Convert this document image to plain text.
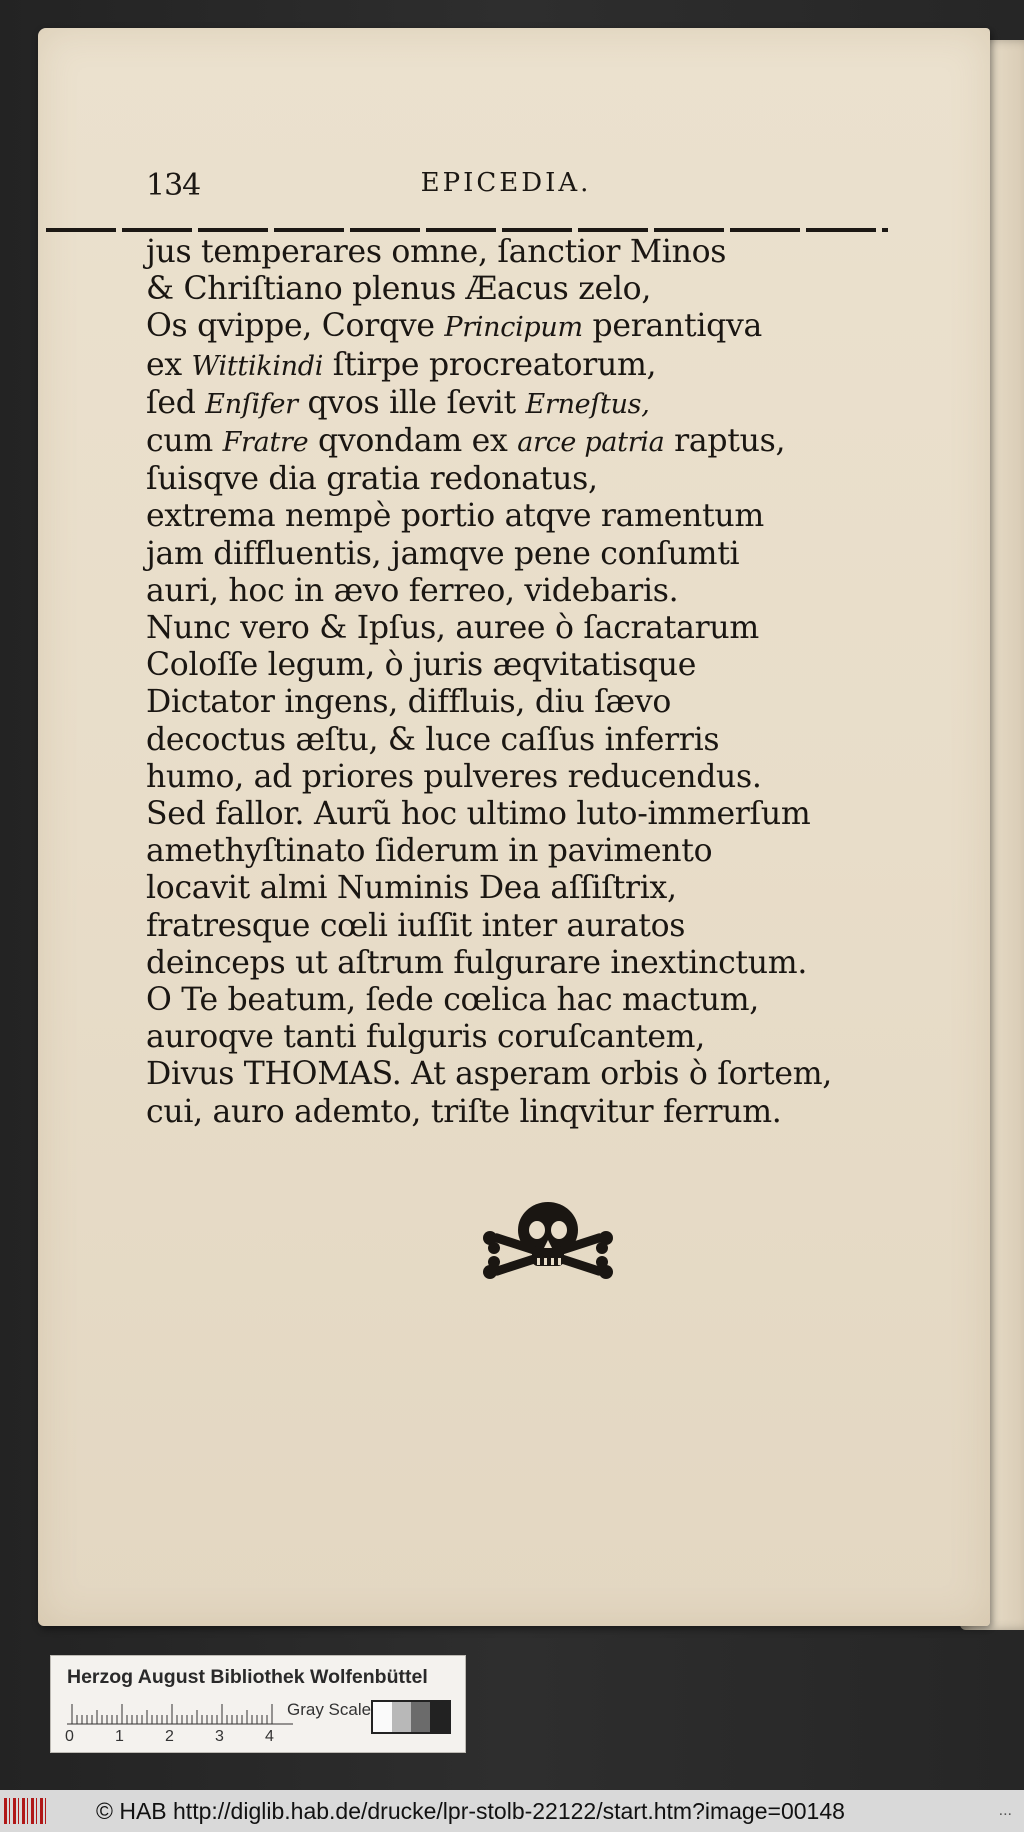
134	EPICEDIA.
jus temperares omne, ſanctior Minos
& Chriſtiano plenus Æacus zelo,
Os qvippe, Corqve Principum perantiqva
ex Wittikindi ſtirpe procreatorum,
ſed Enſifer qvos ille ſevit Erneſtus,
cum Fratre qvondam ex arce patria raptus,
ſuisqve dia gratia redonatus,
extrema nempè portio atqve ramentum
jam diffluentis, jamqve pene conſumti
auri, hoc in ævo ferreo, videbaris.
Nunc vero & Ipſus, auree ò ſacratarum
Coloſſe legum, ò juris æqvitatisque
Dictator ingens, diffluis, diu ſævo
decoctus æſtu, & luce caſſus inferris
humo, ad priores pulveres reducendus.
Sed fallor. Aurũ hoc ultimo luto-immerſum
amethyſtinato ſiderum in pavimento
locavit almi Numinis Dea aſſiſtrix,
fratresque cœli iuſſit inter auratos
deinceps ut aſtrum fulgurare inextinctum.
O Te beatum, ſede cœlica hac mactum,
auroqve tanti fulguris coruſcantem,
Divus THOMAS. At asperam orbis ò ſortem,
cui, auro ademto, triſte linqvitur ferrum.
Herzog August Bibliothek Wolfenbüttel
Gray Scale
0	1	2	3	4
© HAB http://diglib.hab.de/drucke/lpr-stolb-22122/start.htm?image=00148	...
